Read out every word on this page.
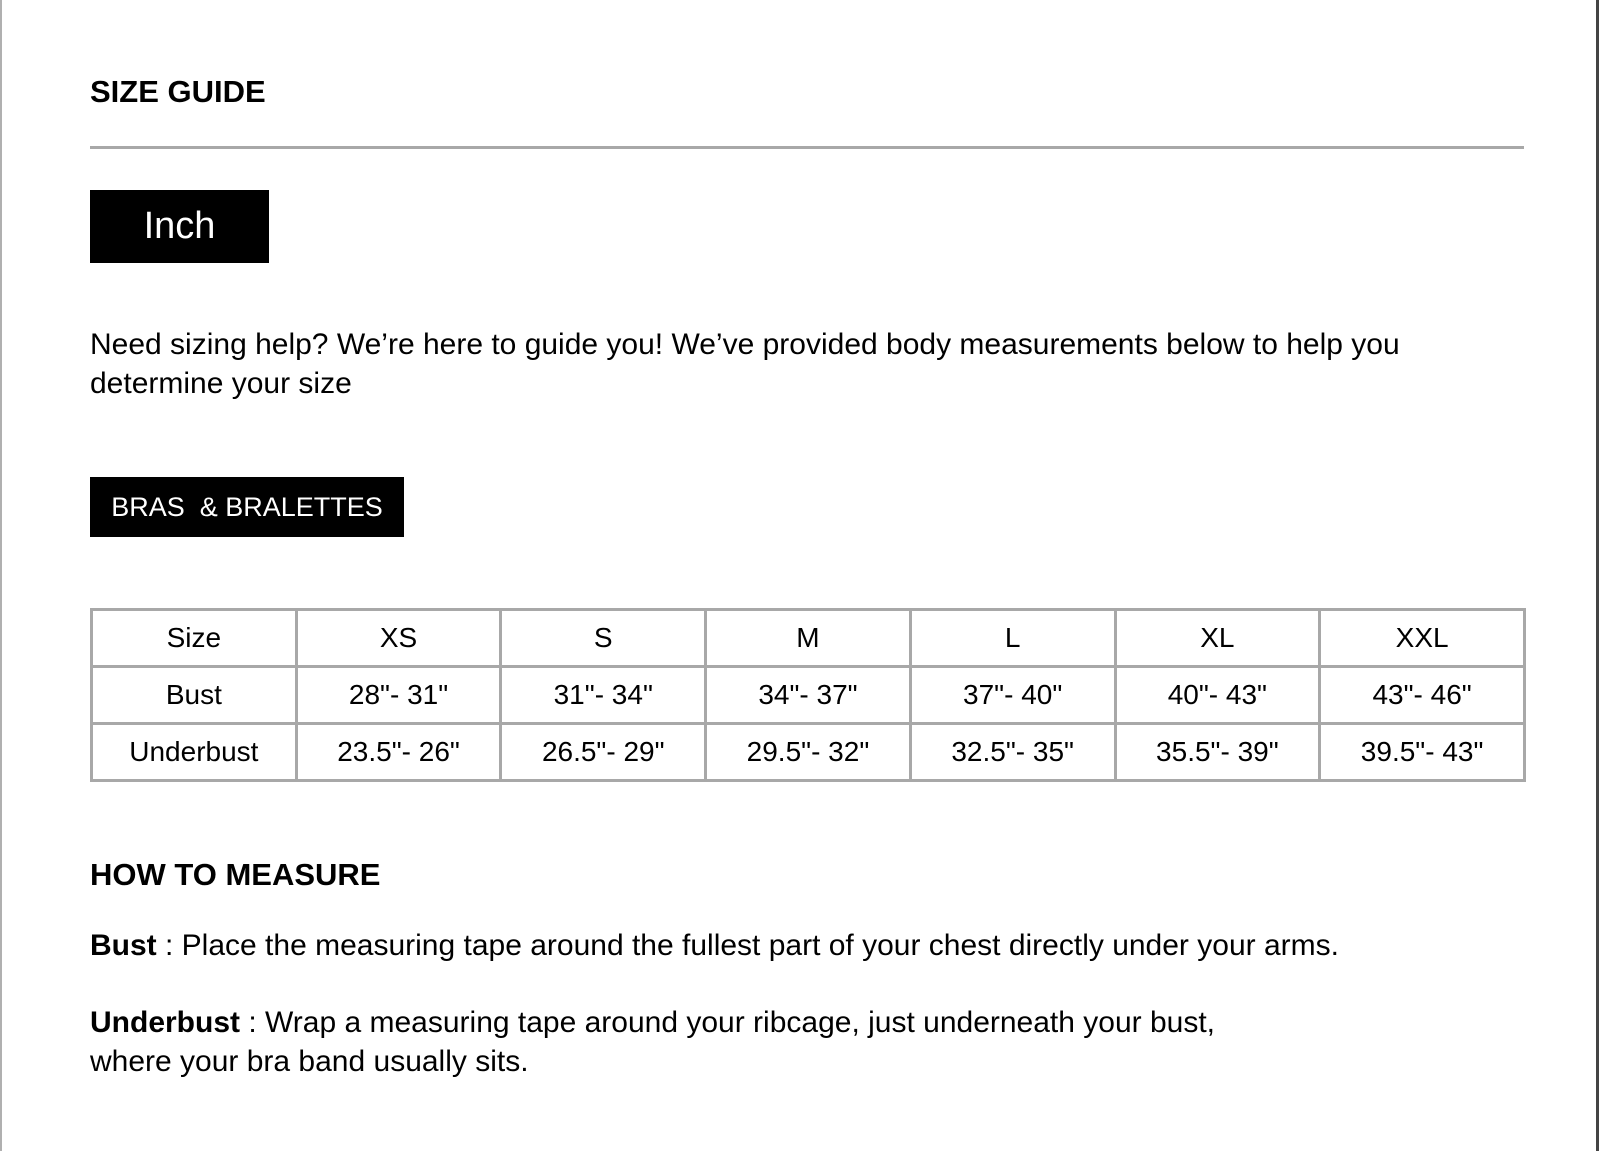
SIZE GUIDE
Inch
Need sizing help? We’re here to guide you! We’ve provided body measurements below to help you determine your size
BRAS  & BRALETTES
Size	XS	S	M	L	XL	XXL
Bust	28"- 31"	31"- 34"	34"- 37"	37"- 40"	40"- 43"	43"- 46"
Underbust	23.5"- 26"	26.5"- 29"	29.5"- 32"	32.5"- 35"	35.5"- 39"	39.5"- 43"
HOW TO MEASURE
Bust : Place the measuring tape around the fullest part of your chest directly under your arms.
Underbust : Wrap a measuring tape around your ribcage, just underneath your bust,
where your bra band usually sits.
